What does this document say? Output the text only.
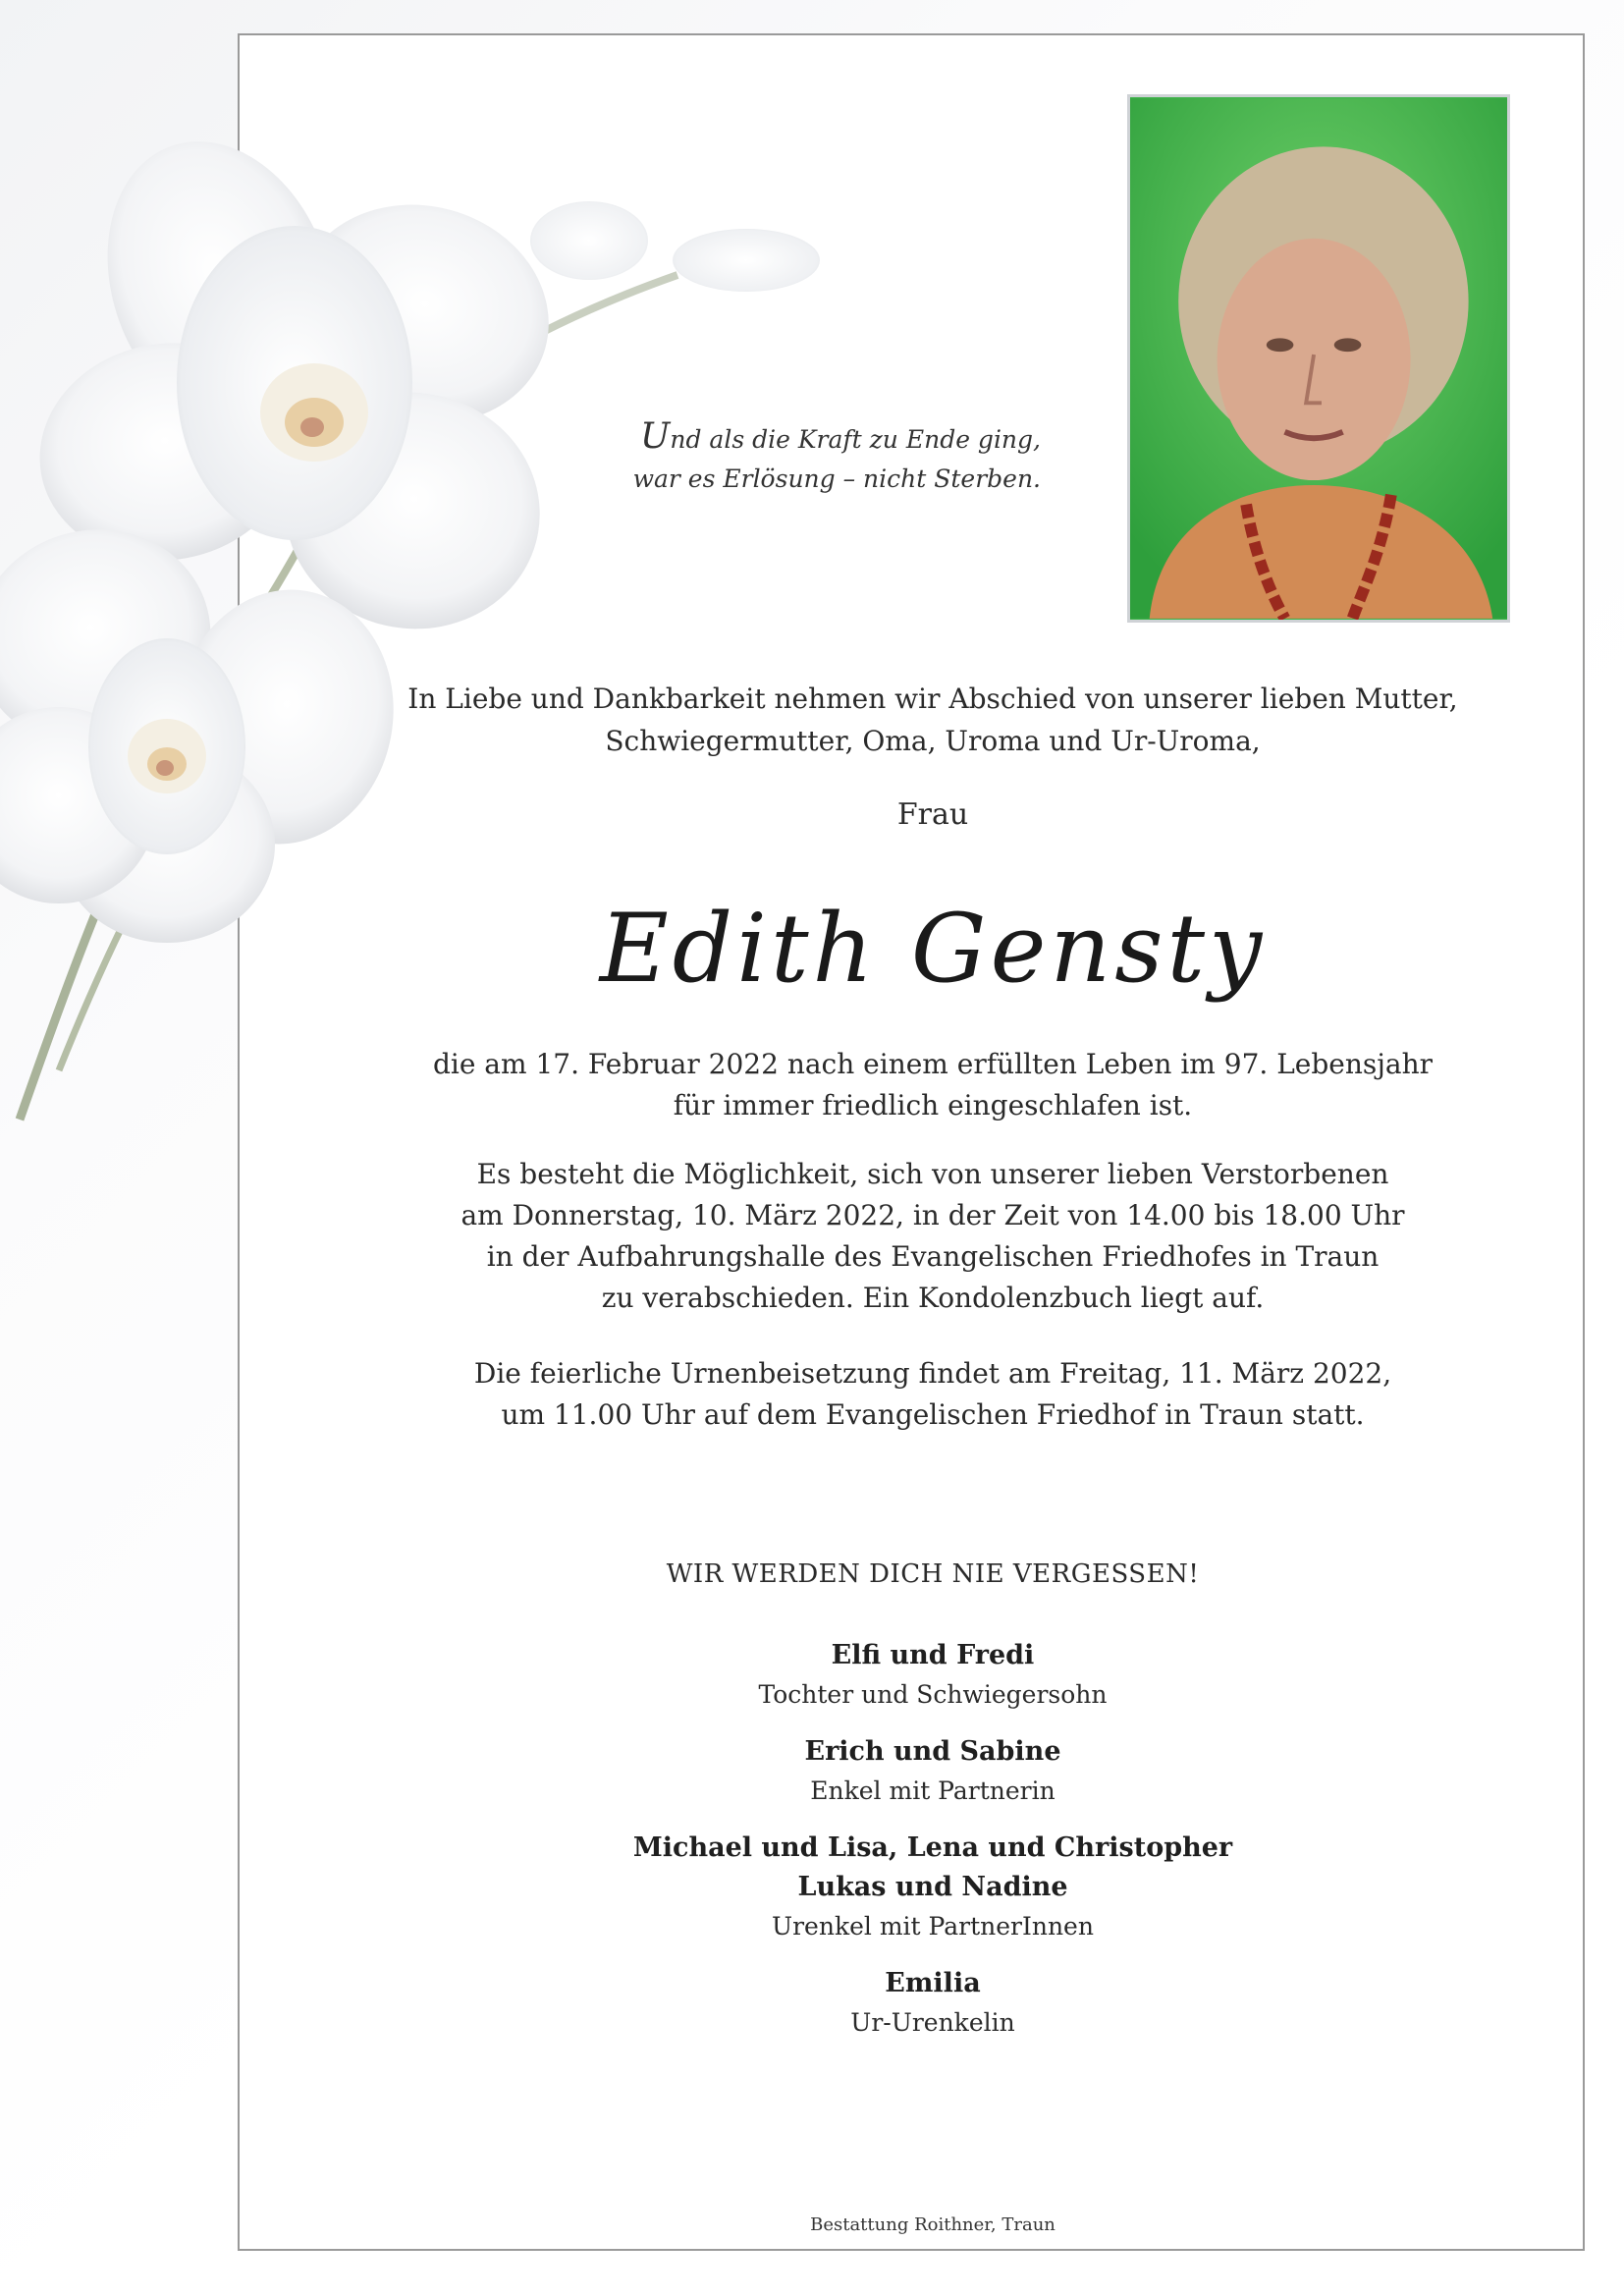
Und als die Kraft zu Ende ging,
war es Erlösung – nicht Sterben.
In Liebe und Dankbarkeit nehmen wir Abschied von unserer lieben Mutter,
Schwiegermutter, Oma, Uroma und Ur-Uroma,
Frau
Edith Gensty
die am 17. Februar 2022 nach einem erfüllten Leben im 97. Lebensjahr
für immer friedlich eingeschlafen ist.
Es besteht die Möglichkeit, sich von unserer lieben Verstorbenen
am Donnerstag, 10. März 2022, in der Zeit von 14.00 bis 18.00 Uhr
in der Aufbahrungshalle des Evangelischen Friedhofes in Traun
zu verabschieden. Ein Kondolenzbuch liegt auf.
Die feierliche Urnenbeisetzung findet am Freitag, 11. März 2022,
um 11.00 Uhr auf dem Evangelischen Friedhof in Traun statt.
WIR WERDEN DICH NIE VERGESSEN!
Elfi und Fredi
Tochter und Schwiegersohn
Erich und Sabine
Enkel mit Partnerin
Michael und Lisa, Lena und Christopher
Lukas und Nadine
Urenkel mit PartnerInnen
Emilia
Ur-Urenkelin
Bestattung Roithner, Traun
